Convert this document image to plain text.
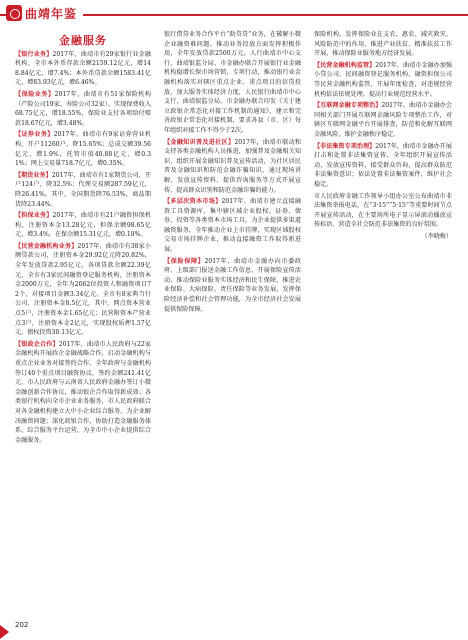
曲靖年鉴
金融服务
【银行业务】2017年，曲靖市有29家银行业金融机构，全市本外币存款余额2159.12亿元，增148.84亿元，增7.4%；本外币贷款余额1583.41亿元，增83.93亿元，增6.46%。
【保险业务】2017年，曲靖市有51家保险机构（产险公司19家、寿险公司32家）。实现保费收入68.75亿元，增18.55%，保险业支付各项给付赔款18.67亿元，增3.48%。
【证券业务】2017年，曲靖市有9家证券营业机构，开户11260户，降15.65%；总成交额39.56亿元，增1.9%，托管市值40.88亿元，增0.31%；网上交易量718.7亿元，增0.35%。
【期货业务】2017年，曲靖市有1家期货公司，开户124户，降32.5%；代理交易额287.59亿元，降26.41%，其中，全国期货降76.53%，商品期货降23.44%。
【担保业务】2017年，曲靖市有21户融资担保机构，注册资本金13.28亿元，担保余额98.65亿元，增3.4%，在保余额15.31亿元，增0.18%。
【民营金融机构业务】2017年，曲靖市有38家小额贷款公司，注册资本金29.92亿元降20.82%，全年发放贷款2.95亿元，各项贷款余额22.39亿元，全市有3家民间融资登记服务机构，注册资本金2000万元，全年为2062位投资人和融资项目72个，对接项目金额3.34亿元。全市有8家典当行公司，注册资本金8.5亿元，其中，网点资本营业点5户，注册资本金1.65亿元；民营附资本产营业点3户，注册资本金2亿元，实现股权质押1.57亿元，债权投资30.13亿元。
【银政企合作】2017年，曲靖市人民政府与22家金融机构开展政企金融战略合作，启动金融机构与重点企业业务对接签约合作，全年政府与金融机构签订40个重点项目融资协议，签约金额241.41亿元，市人民政府与云南省人民政府金融办签订小微金融创新合作协议，推动银企合作取得新成效；各类银行机构向全市企业业务服务，市人民政府联合对各金融机构建立大中小企业综合服务，为企业解决融资问题；深化政银合作，协助打造金融服务体系，综合服务平台运营，为全市中小企业提供综合金融服务。
银行借贷业务合作平台“助贷贷”业务，在破解小微企业融资难问题，推动业务投放方面发挥积极作用，全年发放贷款2500万元，人行曲靖市中心支行、曲靖银监分局、市金融办联合开展银行业金融机构稳增长保市场营销，专项行动，推动银行业金融机构落实对辖区重点企业、重点项目的信贷投放，加大服务实体经济力度，人民银行曲靖市中心支行、曲靖银监分局、市金融办联合印发《关于建立政银企常态化对接工作机制的通知》，建立和完善政银企常态化对接机制，要求各县（市、区）每年组织对接工作不得少于2次。
【金融知识普及进社区】2017年，曲靖市联动和支持各类金融机构人员推进，加强普及金融相关知识，组织开展金融知识普及宣传活动，为社区居民普及金融知识和防范金融诈骗知识，通过现场讲解、发放宣传资料、提供咨询服务等方式开展宣传，提高群众识别和防范金融诈骗的能力。
【多层次资本市场】2017年，曲靖市建立直接融资工具资源库，集中辖区域企业股权、证券、债券、投资等各类资本市场工具，为企业提供多渠道融资服务，全年推动企业上市挂牌，实现区域股权交易市场挂牌企业，推动直接融资工作取得新进展。
【保险保障】2017年，曲靖市金融办向市委政府、上级部门报送金融工作信息，开展保险宣传活动，推动保险业服务实体经济和民生保障，推进农业保险、大病保险、责任保险等业务发展，发挥保险经济补偿和社会管理功能，为全市经济社会发展提供保险保障。
保险机构，发挥保险业在支农、惠农、减灾救灾、风险防范中的作用，推进产业扶贫、精准扶贫工作开展，推动保险业服务地方经济发展。
【民营金融机构监管】2017年，曲靖市金融办加强小贷公司、民间融资登记服务机构、融资担保公司等民营金融机构监管，开展年度检查，对违规经营机构依法依规处理，提高行业规范经营水平。
【互联网金融专项整治】2017年，曲靖市金融办会同相关部门开展互联网金融风险专项整治工作，对辖区互联网金融平台开展排查，防范和化解互联网金融风险，维护金融秩序稳定。
【非法集资专项治理】2017年，曲靖市金融办开展打击和处置非法集资宣传，全年组织开展宣传活动，发放宣传资料，接受群众咨询，提高群众防范非法集资意识；依法处置非法集资案件，维护社会稳定。
市人民政府金融工作领导小组办公室公布曲靖市非法集资举报电话，在“3·15”“5·15”等重要时间节点开展宣传活动，在主要场所电子显示屏滚动播放宣传标语，营造全社会防范非法集资的良好氛围。
（李晓梅）
202
